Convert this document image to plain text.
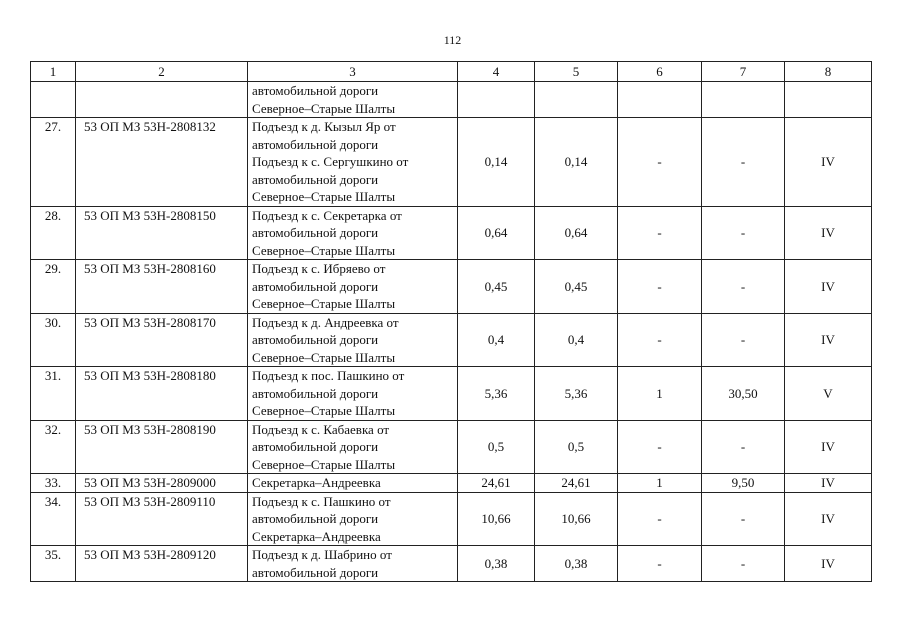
112
1	2	3	4	5	6	7	8

		автомобильной дороги
Северное–Старые Шалты					

27.	53 ОП МЗ 53Н-2808132	Подъезд к д. Кызыл Яр от
автомобильной дороги
Подъезд к с. Сергушкино от
автомобильной дороги
Северное–Старые Шалты	0,14	0,14	-	-	IV
28.	53 ОП МЗ 53Н-2808150	Подъезд к с. Секретарка от
автомобильной дороги
Северное–Старые Шалты	0,64	0,64	-	-	IV
29.	53 ОП МЗ 53Н-2808160	Подъезд к с. Ибряево от
автомобильной дороги
Северное–Старые Шалты	0,45	0,45	-	-	IV
30.	53 ОП МЗ 53Н-2808170	Подъезд к д. Андреевка от
автомобильной дороги
Северное–Старые Шалты	0,4	0,4	-	-	IV
31.	53 ОП МЗ 53Н-2808180	Подъезд к пос. Пашкино от
автомобильной дороги
Северное–Старые Шалты	5,36	5,36	1	30,50	V
32.	53 ОП МЗ 53Н-2808190	Подъезд к с. Кабаевка от
автомобильной дороги
Северное–Старые Шалты	0,5	0,5	-	-	IV
33.	53 ОП МЗ 53Н-2809000	Секретарка–Андреевка	24,61	24,61	1	9,50	IV
34.	53 ОП МЗ 53Н-2809110	Подъезд к с. Пашкино от
автомобильной дороги
Секретарка–Андреевка	10,66	10,66	-	-	IV
35.	53 ОП МЗ 53Н-2809120	Подъезд к д. Шабрино от
автомобильной дороги	0,38	0,38	-	-	IV
